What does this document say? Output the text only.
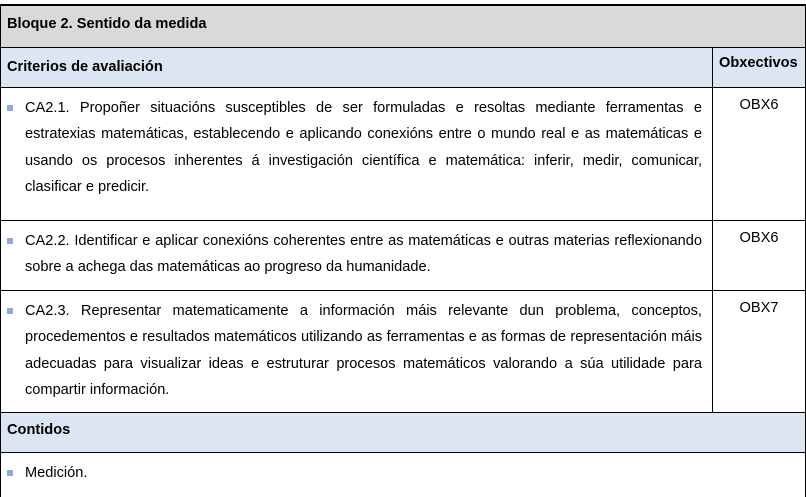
Bloque 2. Sentido da medida	
Criterios de avaliación	Obxectivos

CA2.1. Propoñer situacións susceptibles de ser formuladas e resoltas mediante ferramentas e estratexias matemáticas, establecendo e aplicando conexións entre o mundo real e as matemáticas e usando os procesos inherentes á investigación científica e matemática: inferir, medir, comunicar, clasificar e predicir.	OBX6

CA2.2. Identificar e aplicar conexións coherentes entre as matemáticas e outras materias reflexionando sobre a achega das matemáticas ao progreso da humanidade.	OBX6

CA2.3. Representar matematicamente a información máis relevante dun problema, conceptos, procedementos e resultados matemáticos utilizando as ferramentas e as formas de representación máis adecuadas para visualizar ideas e estruturar procesos matemáticos valorando a súa utilidade para compartir información.	OBX7
Contidos	

Medición.	
